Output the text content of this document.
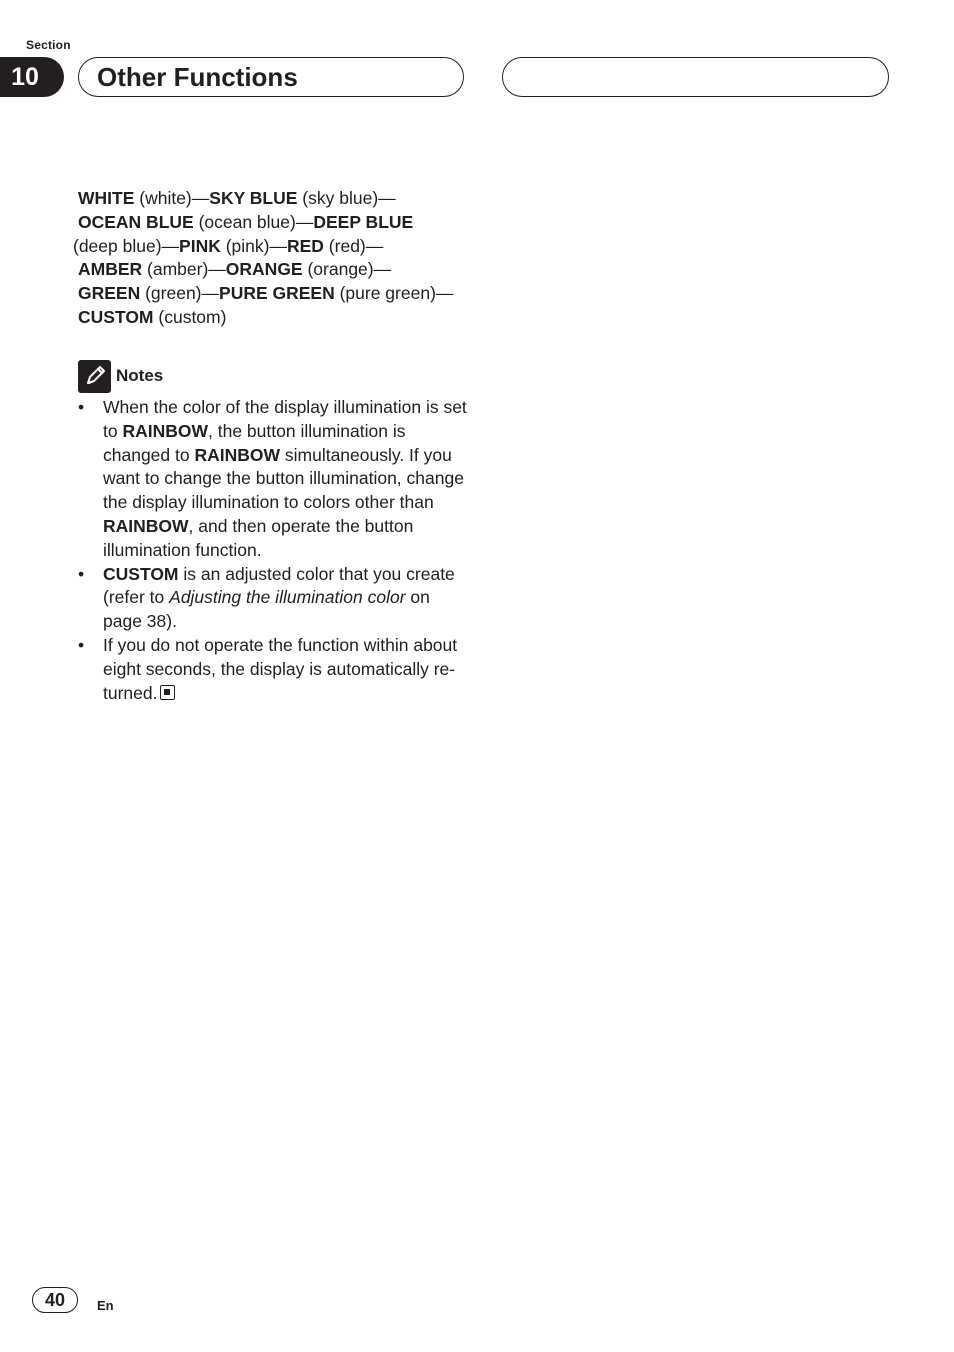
Section
10	Other Functions
WHITE (white)—SKY BLUE (sky blue)—
OCEAN BLUE (ocean blue)—DEEP BLUE
(deep blue)—PINK (pink)—RED (red)—
AMBER (amber)—ORANGE (orange)—
GREEN (green)—PURE GREEN (pure green)—
CUSTOM (custom)
Notes
• When the color of the display illumination is set to RAINBOW, the button illumination is changed to RAINBOW simultaneously. If you want to change the button illumination, change the display illumination to colors other than RAINBOW, and then operate the button illumination function.
• CUSTOM is an adjusted color that you create (refer to Adjusting the illumination color on page 38).
• If you do not operate the function within about eight seconds, the display is automatically re-turned.
40	En
